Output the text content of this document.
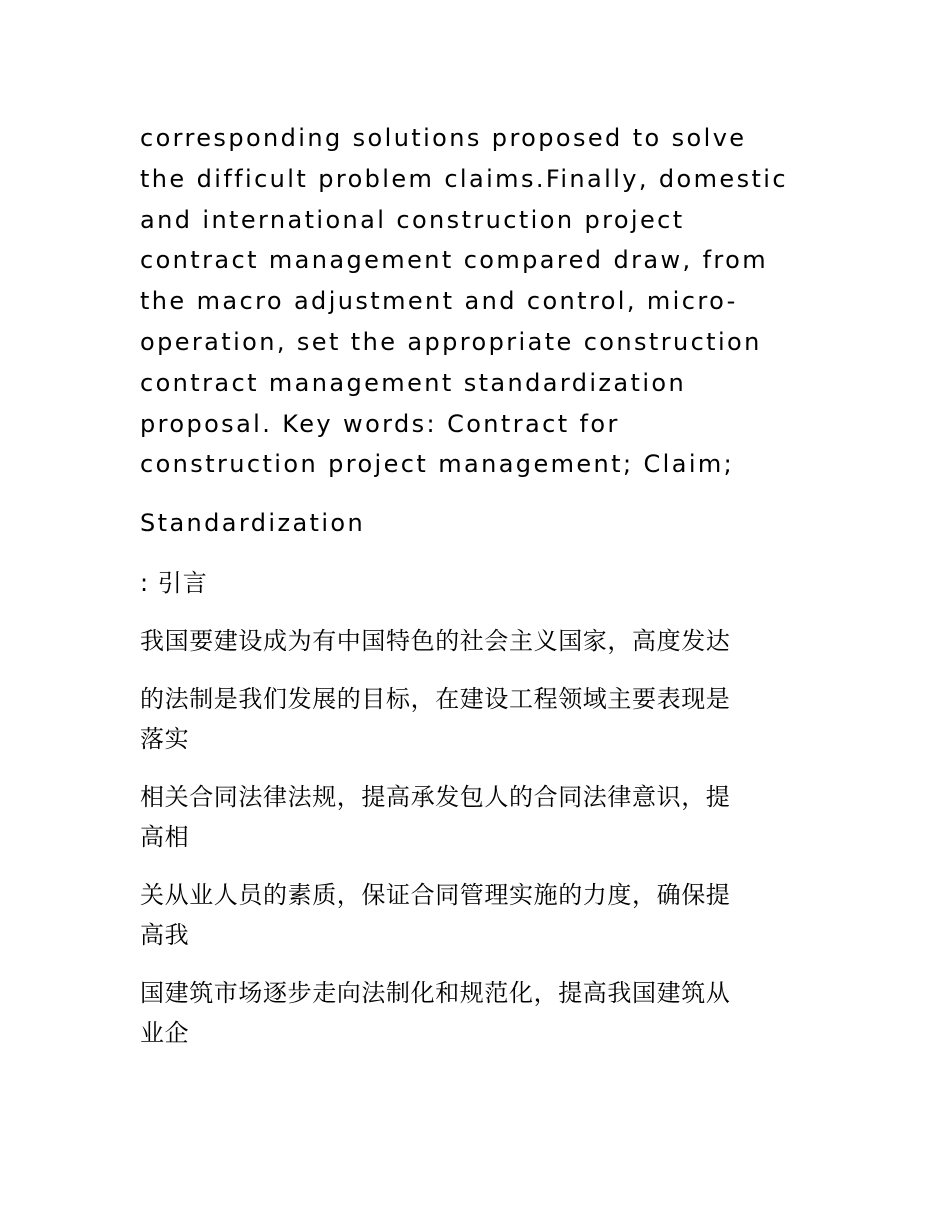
corresponding solutions proposed to solve
the difficult problem claims.Finally, domestic
and international construction project
contract management compared draw, from
the macro adjustment and control, micro-
operation, set the appropriate construction
contract management standardization
proposal. Key words: Contract for
construction project management; Claim;

Standardization

: 引言

我国要建设成为有中国特色的社会主义国家，高度发达

的法制是我们发展的目标，在建设工程领域主要表现是
落实

相关合同法律法规，提高承发包人的合同法律意识，提
高相

关从业人员的素质，保证合同管理实施的力度，确保提
高我

国建筑市场逐步走向法制化和规范化，提高我国建筑从
业企
